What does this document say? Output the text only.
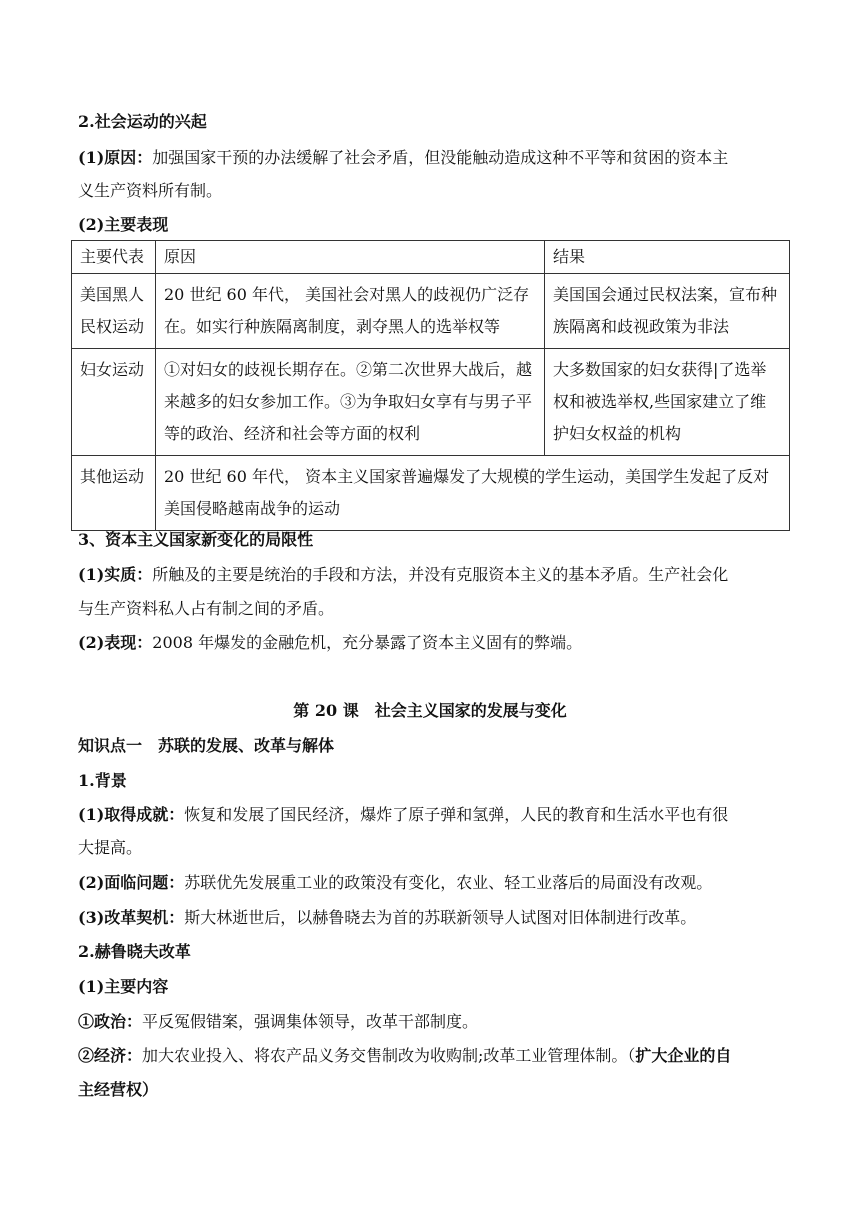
2.社会运动的兴起
(1)原因：加强国家干预的办法缓解了社会矛盾，但没能触动造成这种不平等和贫困的资本主
义生产资料所有制。
(2)主要表现
主要代表	原因	结果
美国黑人民权运动	20 世纪 60 年代， 美国社会对黑人的歧视仍广泛存在。如实行种族隔离制度，剥夺黑人的选举权等	美国国会通过民权法案，宣布种族隔离和歧视政策为非法
妇女运动	①对妇女的歧视长期存在。②第二次世界大战后，越来越多的妇女参加工作。③为争取妇女享有与男子平等的政治、经济和社会等方面的权利	大多数国家的妇女获得|了选举权和被选举权,些国家建立了维护妇女权益的机构
其他运动	20 世纪 60 年代， 资本主义国家普遍爆发了大规模的学生运动，美国学生发起了反对美国侵略越南战争的运动	
3、资本主义国家新变化的局限性
(1)实质：所触及的主要是统治的手段和方法，并没有克服资本主义的基本矛盾。生产社会化
与生产资料私人占有制之间的矛盾。
(2)表现：2008 年爆发的金融危机，充分暴露了资本主义固有的弊端。
第 20 课　社会主义国家的发展与变化
知识点一　苏联的发展、改革与解体
1.背景
(1)取得成就：恢复和发展了国民经济，爆炸了原子弹和氢弹，人民的教育和生活水平也有很
大提高。
(2)面临问题：苏联优先发展重工业的政策没有变化，农业、轻工业落后的局面没有改观。
(3)改革契机：斯大林逝世后，以赫鲁晓去为首的苏联新领导人试图对旧体制进行改革。
2.赫鲁晓夫改革
(1)主要内容
①政治：平反冤假错案，强调集体领导，改革干部制度。
②经济：加大农业投入、将农产品义务交售制改为收购制;改革工业管理体制。（扩大企业的自
主经营权）
